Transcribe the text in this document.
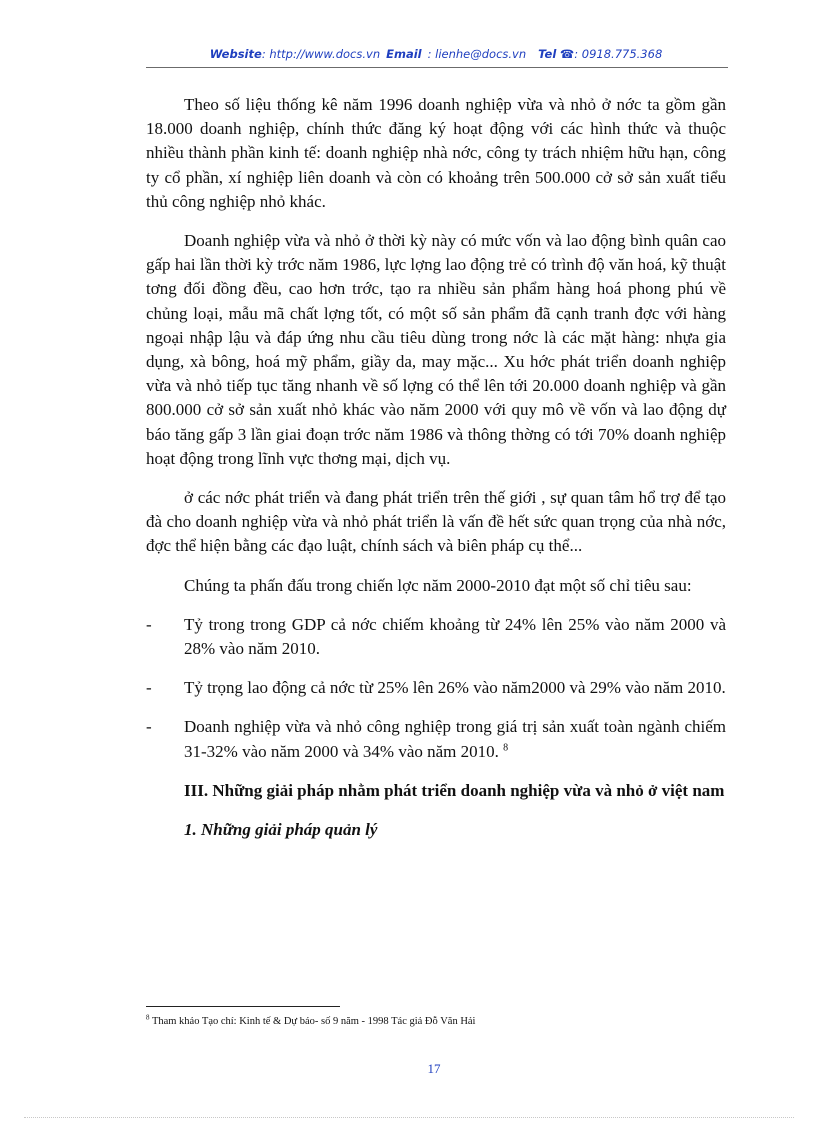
Website: http://www.docs.vn Email : lienhe@docs.vn Tel ☎: 0918.775.368

Theo số liệu thống kê năm 1996 doanh nghiệp vừa và nhỏ ở nớc ta gồm gần 18.000 doanh nghiệp, chính thức đăng ký hoạt động với các hình thức và thuộc nhiều thành phần kinh tế: doanh nghiệp nhà nớc, công ty trách nhiệm hữu hạn, công ty cổ phần, xí nghiệp liên doanh và còn có khoảng trên 500.000 cở sở sản xuất tiểu thủ công nghiệp nhỏ khác.

Doanh nghiệp vừa và nhỏ ở thời kỳ này có mức vốn và lao động bình quân cao gấp hai lần thời kỳ trớc năm 1986, lực lợng lao động trẻ có trình độ văn hoá, kỹ thuật tơng đối đồng đều, cao hơn trớc, tạo ra nhiều sản phẩm hàng hoá phong phú về chủng loại, mẫu mã chất lợng tốt, có một số sản phẩm đã cạnh tranh đợc với hàng ngoại nhập lậu và đáp ứng nhu cầu tiêu dùng trong nớc là các mặt hàng: nhựa gia dụng, xà bông, hoá mỹ phẩm, giầy da, may mặc... Xu hớc phát triển doanh nghiệp vừa và nhỏ tiếp tục tăng nhanh về số lợng có thể lên tới 20.000 doanh nghiệp và gần 800.000 cở sở sản xuất nhỏ khác vào năm 2000 với quy mô về vốn và lao động dự báo tăng gấp 3 lần giai đoạn trớc năm 1986 và thông thờng có tới 70% doanh nghiệp hoạt động trong lĩnh vực thơng mại, dịch vụ.

ở các nớc phát triển và đang phát triển trên thế giới , sự quan tâm hổ trợ để tạo đà cho doanh nghiệp vừa và nhỏ phát triển là vấn đề hết sức quan trọng của nhà nớc, đợc thể hiện bằng các đạo luật, chính sách và biên pháp cụ thể...

Chúng ta phấn đấu trong chiến lợc năm 2000-2010 đạt một số chỉ tiêu sau:

-	Tỷ trong trong GDP cả nớc chiếm khoảng từ 24% lên 25% vào năm 2000 và 28% vào năm 2010.
-	Tỷ trọng lao động cả nớc từ 25% lên 26% vào năm2000 và 29% vào năm 2010.
-	Doanh nghiệp vừa và nhỏ công nghiệp trong giá trị sản xuất toàn ngành chiếm 31-32% vào năm 2000 và 34% vào năm 2010. $^8$

III. Những giải pháp nhằm phát triển doanh nghiệp vừa và nhỏ ở việt nam

1. Những giải pháp quản lý

$^8$ Tham khảo Tạo chí: Kinh tế & Dự báo- số 9 năm - 1998 Tác giả Đỗ Văn Hải
17
